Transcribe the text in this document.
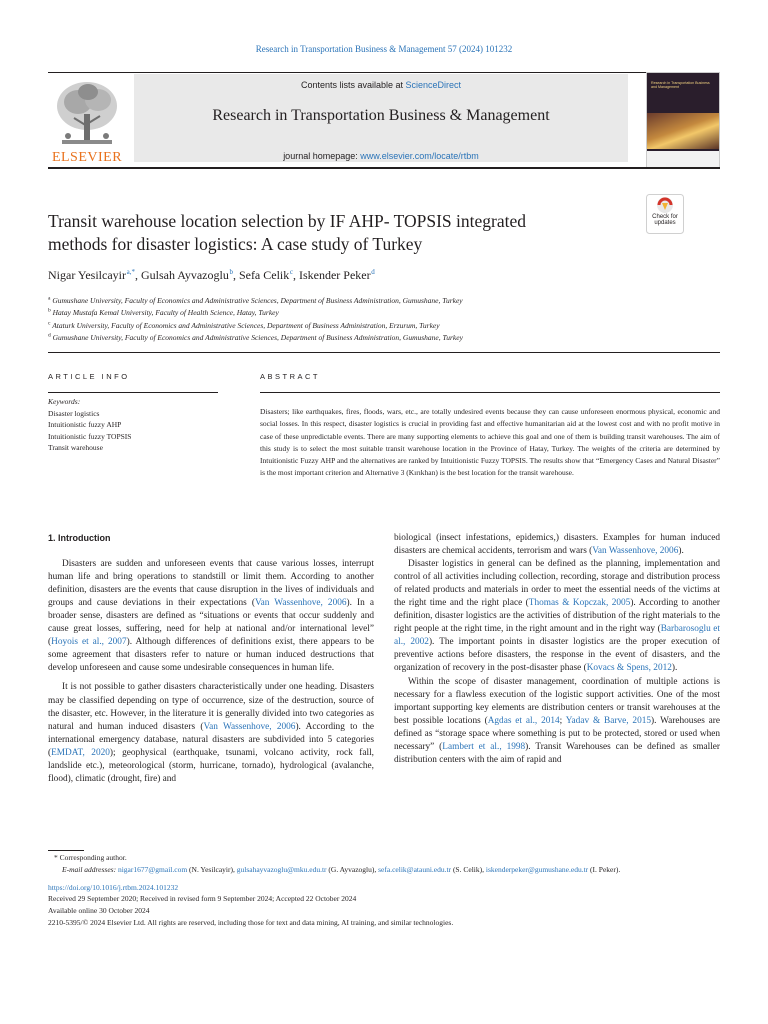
Research in Transportation Business & Management 57 (2024) 101232
ELSEVIER
Contents lists available at ScienceDirect
Research in Transportation Business & Management
journal homepage: www.elsevier.com/locate/rtbm
Research in Transportation Business and Management
Check for
updates
Transit warehouse location selection by IF AHP- TOPSIS integrated
methods for disaster logistics: A case study of Turkey
Nigar Yesilcayir $^{a,*}$, Gulsah Ayvazoglu $^b$, Sefa Celik $^c$, Iskender Peker $^d$
$^a$ Gumushane University, Faculty of Economics and Administrative Sciences, Department of Business Administration, Gumushane, Turkey
$^b$ Hatay Mustafa Kemal University, Faculty of Health Science, Hatay, Turkey
$^c$ Ataturk University, Faculty of Economics and Administrative Sciences, Department of Business Administration, Erzurum, Turkey
$^d$ Gumushane University, Faculty of Economics and Administrative Sciences, Department of Business Administration, Gumushane, Turkey
ARTICLE INFO
Keywords:
Disaster logistics
Intuitionistic fuzzy AHP
Intuitionistic fuzzy TOPSIS
Transit warehouse
ABSTRACT
Disasters; like earthquakes, fires, floods, wars, etc., are totally undesired events because they can cause unforeseen enormous physical, economic and social losses. In this respect, disaster logistics is crucial in providing fast and effective humanitarian aid at the lowest cost and with no profit motive in case of these unpredictable events. There are many supporting elements to achieve this goal and one of them is building transit warehouses. The aim of this study is to select the most suitable transit warehouse location in the Province of Hatay, Turkey. The weights of the criteria are determined by Intuitionistic Fuzzy AHP and the alternatives are ranked by Intuitionistic Fuzzy TOPSIS. The results show that “Emergency Cases and Natural Disaster” is the most important criterion and Alternative 3 (Kırıkhan) is the best location for the transit warehouse.
1. Introduction

Disasters are sudden and unforeseen events that cause various losses, interrupt human life and bring operations to standstill or limit them. According to another definition, disasters are the events that cause disruption in the lives of individuals and groups and cause deviations in their expectations (Van Wassenhove, 2006). In a broader sense, disasters are defined as “situations or events that occur suddenly and cause great losses, suffering, need for help at national and/or international level” (Hoyois et al., 2007). Although differences of definitions exist, there appears to be some agreement that disasters refer to nature or human induced destructions that develop unforeseen and cause some undesirable consequences in human life.

It is not possible to gather disasters characteristically under one heading. Disasters may be classified depending on type of occurrence, size of the destruction, source of the disaster, etc. However, in the literature it is generally divided into two categories as natural and human induced disasters (Van Wassenhove, 2006). According to the international emergency database, natural disasters are subdivided into 5 categories (EMDAT, 2020); geophysical (earthquake, tsunami, volcano activity, rock fall, landslide etc.), meteorological (storm, hurricane, tornado), hydrological (avalanche, flood), climatic (drought, fire) and

biological (insect infestations, epidemics,) disasters. Examples for human induced disasters are chemical accidents, terrorism and wars (Van Wassenhove, 2006).

Disaster logistics in general can be defined as the planning, implementation and control of all activities including collection, recording, storage and distribution process of related products and materials in order to meet the essential needs of the victims at the right time and the right place (Thomas & Kopczak, 2005). According to another definition, disaster logistics are the activities of distribution of the right materials to the right people at the right time, in the right amount and in the right way (Barbarosoglu et al., 2002). The important points in disaster logistics are the proper execution of preventive actions before disasters, the response in the event of disasters, and the organization of recovery in the post-disaster phase (Kovacs & Spens, 2012).

Within the scope of disaster management, coordination of multiple actions is necessary for a flawless execution of the logistic support activities. One of the most important supporting key elements are distribution centers or transit warehouses at the best possible locations (Agdas et al., 2014; Yadav & Barve, 2015). Warehouses are defined as “storage space where something is put to be protected, stored or used when necessary” (Lambert et al., 1998). Transit Warehouses can be defined as smaller distribution centers with the aim of rapid and

* Corresponding author.
E-mail addresses: nigar1677@gmail.com (N. Yesilcayir), gulsahayvazoglu@mku.edu.tr (G. Ayvazoglu), sefa.celik@atauni.edu.tr (S. Celik), iskenderpeker@gumushane.edu.tr (I. Peker).
https://doi.org/10.1016/j.rtbm.2024.101232
Received 29 September 2020; Received in revised form 9 September 2024; Accepted 22 October 2024
Available online 30 October 2024
2210-5395/© 2024 Elsevier Ltd. All rights are reserved, including those for text and data mining, AI training, and similar technologies.
